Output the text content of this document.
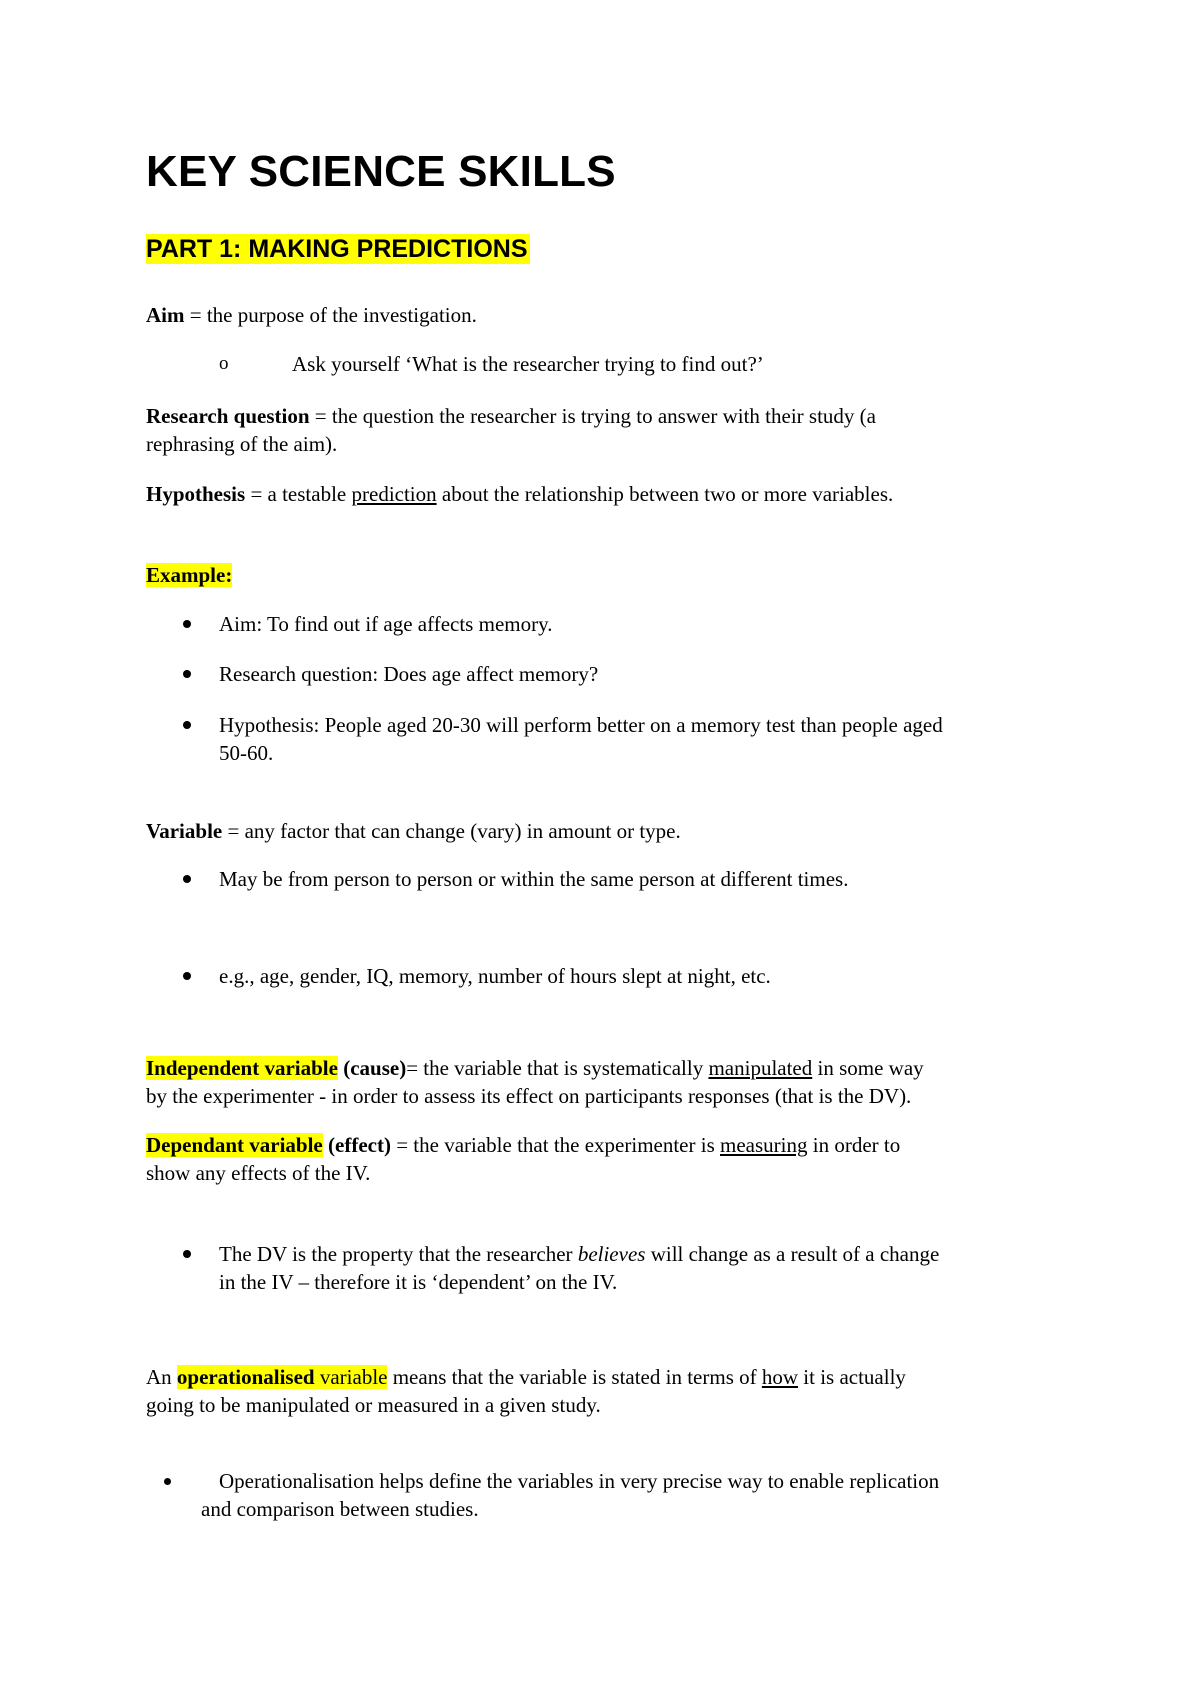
KEY SCIENCE SKILLS
PART 1: MAKING PREDICTIONS
Aim = the purpose of the investigation.
o	Ask yourself ‘What is the researcher trying to find out?’
Research question = the question the researcher is trying to answer with their study (a
rephrasing of the aim).
Hypothesis = a testable prediction about the relationship between two or more variables.
Example:
Aim: To find out if age affects memory.
Research question: Does age affect memory?
Hypothesis: People aged 20-30 will perform better on a memory test than people aged
50-60.
Variable = any factor that can change (vary) in amount or type.
May be from person to person or within the same person at different times.
e.g., age, gender, IQ, memory, number of hours slept at night, etc.
Independent variable (cause)= the variable that is systematically manipulated in some way
by the experimenter - in order to assess its effect on participants responses (that is the DV).
Dependant variable (effect) = the variable that the experimenter is measuring in order to
show any effects of the IV.
The DV is the property that the researcher believes will change as a result of a change
in the IV – therefore it is ‘dependent’ on the IV.
An operationalised variable means that the variable is stated in terms of how it is actually
going to be manipulated or measured in a given study.
Operationalisation helps define the variables in very precise way to enable replication
and comparison between studies.
